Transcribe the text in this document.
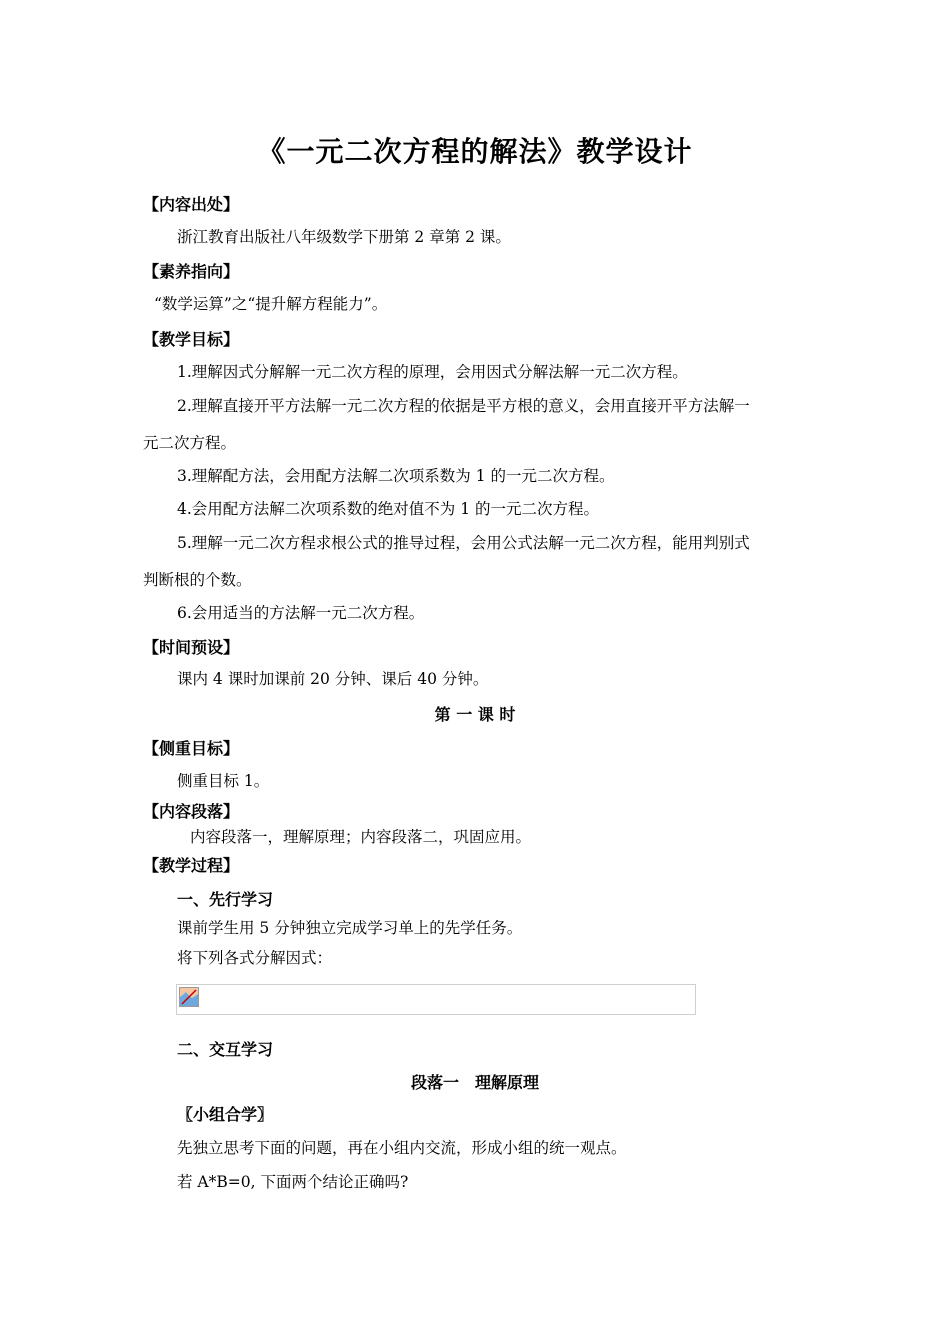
《一元二次方程的解法》教学设计
【内容出处】
浙江教育出版社八年级数学下册第 2 章第 2 课。
【素养指向】
“数学运算”之“提升解方程能力”。
【教学目标】
1.理解因式分解解一元二次方程的原理，会用因式分解法解一元二次方程。
2.理解直接开平方法解一元二次方程的依据是平方根的意义，会用直接开平方法解一
元二次方程。
3.理解配方法，会用配方法解二次项系数为 1 的一元二次方程。
4.会用配方法解二次项系数的绝对值不为 1 的一元二次方程。
5.理解一元二次方程求根公式的推导过程，会用公式法解一元二次方程，能用判别式
判断根的个数。
6.会用适当的方法解一元二次方程。
【时间预设】
课内 4 课时加课前 20 分钟、课后 40 分钟。
第 一 课 时
【侧重目标】
侧重目标 1。
【内容段落】
内容段落一，理解原理；内容段落二，巩固应用。
【教学过程】
一、先行学习
课前学生用 5 分钟独立完成学习单上的先学任务。
将下列各式分解因式：
二、交互学习
段落一　理解原理
〖小组合学〗
先独立思考下面的问题，再在小组内交流，形成小组的统一观点。
若 A*B=0, 下面两个结论正确吗?
